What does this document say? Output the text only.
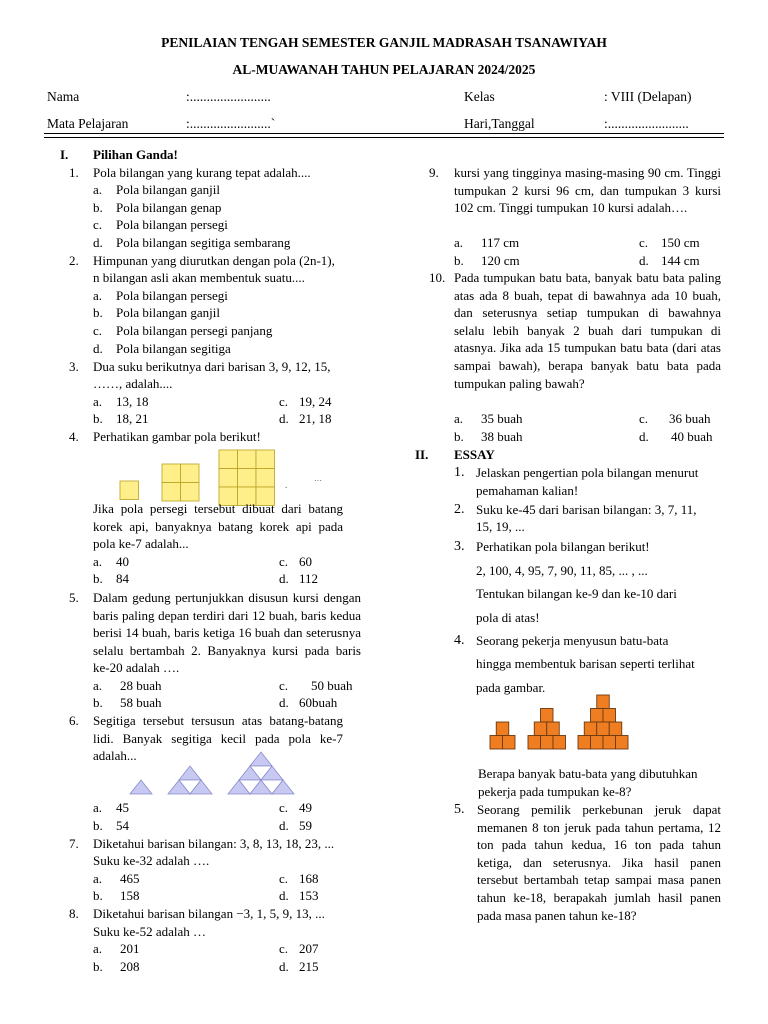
PENILAIAN TENGAH SEMESTER GANJIL MADRASAH TSANAWIYAH
AL-MUAWANAH TAHUN PELAJARAN 2024/2025
Nama	:........................	Kelas	: VIII (Delapan)
Mata Pelajaran	:........................`	Hari,Tanggal	:........................
I. Pilihan Ganda!
1. Pola bilangan yang kurang tepat adalah....
a. Pola bilangan ganjil
b. Pola bilangan genap
c. Pola bilangan persegi
d. Pola bilangan segitiga sembarang
2. Himpunan yang diurutkan dengan pola (2n-1),
n bilangan asli akan membentuk suatu....
a. Pola bilangan persegi
b. Pola bilangan ganjil
c. Pola bilangan persegi panjang
d. Pola bilangan segitiga
3. Dua suku berikutnya dari barisan 3, 9, 12, 15,
……, adalah....
a. 13, 18	c. 19, 24
b. 18, 21	d. 21, 18
4. Perhatikan gambar pola berikut!
.
…
Jika pola persegi tersebut dibuat dari batang korek api, banyaknya batang korek api pada pola ke-7 adalah...
a. 40	c. 60
b. 84	d. 112
5. Dalam gedung pertunjukkan disusun kursi dengan baris paling depan terdiri dari 12 buah, baris kedua berisi 14 buah, baris ketiga 16 buah dan seterusnya selalu bertambah 2. Banyaknya kursi pada baris ke-20 adalah ….
a. 28 buah	c. 50 buah
b. 58 buah	d. 60buah
6. Segitiga tersebut tersusun atas batang-batang lidi. Banyak segitiga kecil pada pola ke-7 adalah...
a. 45	c. 49
b. 54	d. 59
7. Diketahui barisan bilangan: 3, 8, 13, 18, 23, ...
Suku ke-32 adalah ….
a. 465	c. 168
b. 158	d. 153
8. Diketahui barisan bilangan −3, 1, 5, 9, 13, ...
Suku ke-52 adalah …
a. 201	c. 207
b. 208	d. 215
9. kursi yang tingginya masing-masing 90 cm. Tinggi tumpukan 2 kursi 96 cm, dan tumpukan 3 kursi 102 cm. Tinggi tumpukan 10 kursi adalah….
a. 117 cm	c. 150 cm
b. 120 cm	d. 144 cm
10. Pada tumpukan batu bata, banyak batu bata paling atas ada 8 buah, tepat di bawahnya ada 10 buah, dan seterusnya setiap tumpukan di bawahnya selalu lebih banyak 2 buah dari tumpukan di atasnya. Jika ada 15 tumpukan batu bata (dari atas sampai bawah), berapa banyak batu bata pada tumpukan paling bawah?
a. 35 buah	c. 36 buah
b. 38 buah	d. 40 buah
II. ESSAY
1. Jelaskan pengertian pola bilangan menurut
pemahaman kalian!
2. Suku ke-45 dari barisan bilangan: 3, 7, 11,
15, 19, ...
3. Perhatikan pola bilangan berikut!
2, 100, 4, 95, 7, 90, 11, 85, ... , ...
Tentukan bilangan ke-9 dan ke-10 dari
pola di atas!
4. Seorang pekerja menyusun batu-bata
hingga membentuk barisan seperti terlihat
pada gambar.
Berapa banyak batu-bata yang dibutuhkan
pekerja pada tumpukan ke-8?
5. Seorang pemilik perkebunan jeruk dapat memanen 8 ton jeruk pada tahun pertama, 12 ton pada tahun kedua, 16 ton pada tahun ketiga, dan seterusnya. Jika hasil panen tersebut bertambah tetap sampai masa panen tahun ke-18, berapakah jumlah hasil panen pada masa panen tahun ke-18?
